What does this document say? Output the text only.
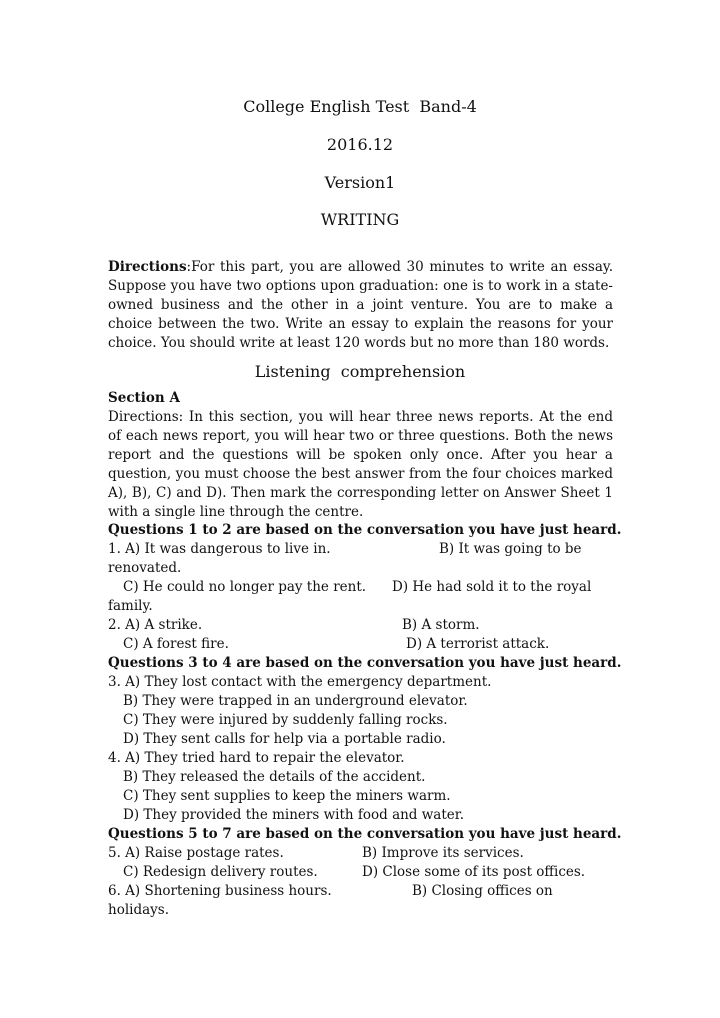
College English Test  Band-4
2016.12
Version1
WRITING
Directions:For this part, you are allowed 30 minutes to write an essay. Suppose you have two options upon graduation: one is to work in a state-owned business and the other in a joint venture. You are to make a choice between the two. Write an essay to explain the reasons for your choice. You should write at least 120 words but no more than 180 words.
Listening  comprehension
Section A
Directions: In this section, you will hear three news reports. At the end of each news report, you will hear two or three questions. Both the news report and the questions will be spoken only once. After you hear a question, you must choose the best answer from the four choices marked A), B), C) and D). Then mark the corresponding letter on Answer Sheet 1 with a single line through the centre.
Questions 1 to 2 are based on the conversation you have just heard.
1. A) It was dangerous to live in.	B) It was going to be
renovated.
C) He could no longer pay the rent. D) He had sold it to the royal
family.
2. A) A strike.	B) A storm.
C) A forest fire.	D) A terrorist attack.
Questions 3 to 4 are based on the conversation you have just heard.
3. A) They lost contact with the emergency department.
B) They were trapped in an underground elevator.
C) They were injured by suddenly falling rocks.
D) They sent calls for help via a portable radio.
4. A) They tried hard to repair the elevator.
B) They released the details of the accident.
C) They sent supplies to keep the miners warm.
D) They provided the miners with food and water.
Questions 5 to 7 are based on the conversation you have just heard.
5. A) Raise postage rates.	B) Improve its services.
C) Redesign delivery routes.	D) Close some of its post offices.
6. A) Shortening business hours.	B) Closing offices on
holidays.
